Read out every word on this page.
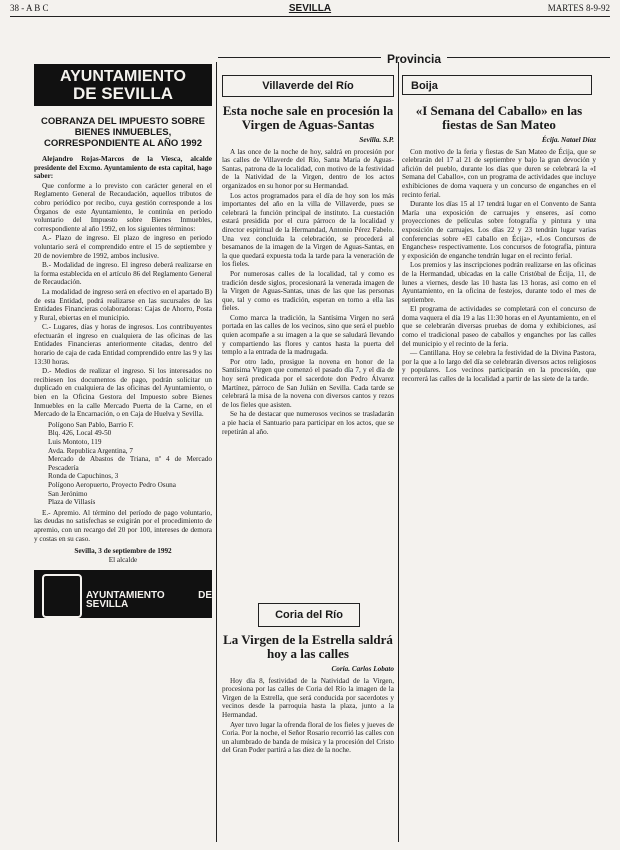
38 - A B C	SEVILLA	MARTES 8-9-92
Provincia
AYUNTAMIENTO
DE SEVILLA
COBRANZA DEL IMPUESTO SOBRE BIENES INMUEBLES, CORRESPONDIENTE AL AÑO 1992

Alejandro Rojas-Marcos de la Viesca, alcalde presidente del Excmo. Ayuntamiento de esta capital, hago saber:

Que conforme a lo previsto con carácter general en el Reglamento General de Recaudación, aquellos tributos de cobro periódico por recibo, cuya gestión corresponde a los Órganos de este Ayuntamiento, le continúa en período voluntario del Impuesto sobre Bienes Inmuebles, correspondiente al año 1992, en los siguientes términos:

A.- Plazo de ingreso. El plazo de ingreso en periodo voluntario será el comprendido entre el 15 de septiembre y 20 de noviembre de 1992, ambos inclusive.

B.- Modalidad de ingreso. El ingreso deberá realizarse en la forma establecida en el artículo 86 del Reglamento General de Recaudación.

La modalidad de ingreso será en efectivo en el apartado B) de esta Entidad, podrá realizarse en las sucursales de las Entidades Financieras colaboradoras: Cajas de Ahorro, Posta y Rural, ebiertas en el municipio.

C.- Lugares, días y horas de ingresos. Los contribuyentes efectuarán el ingreso en cualquiera de las oficinas de las Entidades Financieras anteriormente citadas, dentro del horario de caja de cada Entidad comprendido entre las 9 y las 13:30 horas.

D.- Medios de realizar el ingreso. Si los interesados no recibiesen los documentos de pago, podrán solicitar un duplicado en cualquiera de las oficinas del Ayuntamiento, o bien en la Oficina Gestora del Impuesto sobre Bienes Inmuebles en la calle Mercado Puerta de la Carne, en el Mercado de la Encarnación, o en Caja de Huelva y Sevilla.

Polígono San Pablo, Barrio F.
Blq. 426, Local 49-50
Luis Montoto, 119
Avda. Republica Argentina, 7
Mercado de Abastos de Triana, nº 4 de Mercado Pescadería
Ronda de Capuchinos, 3
Polígono Aeropuerto, Proyecto Pedro Osuna
San Jerónimo
Plaza de Villasís

E.- Apremio. Al término del período de pago voluntario, las deudas no satisfechas se exigirán por el procedimiento de apremio, con un recargo del 20 por 100, intereses de demora y costas en su caso.

Sevilla, 3 de septiembre de 1992
El alcalde
AYUNTAMIENTO DE SEVILLA
Villaverde del Río
Esta noche sale en procesión la Virgen de Aguas-Santas
Sevilla. S.P.

A las once de la noche de hoy, saldrá en procesión por las calles de Villaverde del Río, Santa María de Aguas-Santas, patrona de la localidad, con motivo de la festividad de la Natividad de la Virgen, dentro de los actos organizados en su honor por su Hermandad.

Los actos programados para el día de hoy son los más importantes del año en la villa de Villaverde, pues se celebrará la función principal de instituto. La cuestación estará presidida por el cura párroco de la localidad y director espiritual de la Hermandad, Antonio Pérez Fabelo. Una vez concluida la celebración, se procederá al besamanos de la imagen de la Virgen de Aguas-Santas, en la que quedará expuesta toda la tarde para la veneración de los fieles.

Por numerosas calles de la localidad, tal y como es tradición desde siglos, procesionará la venerada imagen de la Virgen de Aguas-Santas, unas de las que las personas que, tal y como es tradición, esperan en torno a ella las fieles.

Como marca la tradición, la Santísima Virgen no será portada en las calles de los vecinos, sino que será el pueblo quien acompañe a su imagen a la que se saludará llevando y compartiendo las flores y cantos hasta la puerta del templo a la entrada de la madrugada.

Por otro lado, prosigue la novena en honor de la Santísima Virgen que comenzó el pasado día 7, y el día de hoy será predicada por el sacerdote don Pedro Álvarez Martínez, párroco de San Julián en Sevilla. Cada tarde se celebrará la misa de la novena con diversos cantos y rezos de los fieles que asisten.

Se ha de destacar que numerosos vecinos se trasladarán a pie hacia el Santuario para participar en los actos, que se repetirán al año.

Coria del Río
La Virgen de la Estrella saldrá hoy a las calles
Coria. Carlos Lobato

Hoy día 8, festividad de la Natividad de la Virgen, procesiona por las calles de Coria del Río la imagen de la Virgen de la Estrella, que será conducida por sacerdotes y vecinos desde la parroquia hasta la plaza, junto a la Hermandad.

Ayer tuvo lugar la ofrenda floral de los fieles y jueves de Coria. Por la noche, el Señor Rosario recorrió las calles con un alumbrado de banda de música y la procesión del Cristo del Gran Poder partirá a las diez de la noche.

Boija
«I Semana del Caballo» en las fiestas de San Mateo
Écija. Natael Díaz

Con motivo de la feria y fiestas de San Mateo de Écija, que se celebrarán del 17 al 21 de septiembre y bajo la gran devoción y afición del pueblo, durante los días que duren se celebrará la «I Semana del Caballo», con un programa de actividades que incluye exhibiciones de doma vaquera y un concurso de enganches en el recinto ferial.

Durante los días 15 al 17 tendrá lugar en el Convento de Santa María una exposición de carruajes y enseres, así como proyecciones de películas sobre fotografía y pintura y una exposición de carruajes. Los días 22 y 23 tendrán lugar varias conferencias sobre «El caballo en Écija», «Los Concursos de Enganches» respectivamente. Los concursos de fotografía, pintura y exposición de enganche tendrán lugar en el recinto ferial.

Los premios y las inscripciones podrán realizarse en las oficinas de la Hermandad, ubicadas en la calle Cristóbal de Écija, 11, de lunes a viernes, desde las 10 hasta las 13 horas, así como en el Ayuntamiento, en la oficina de festejos, durante todo el mes de septiembre.

El programa de actividades se completará con el concurso de doma vaquera el día 19 a las 11:30 horas en el Ayuntamiento, en el que se celebrarán diversas pruebas de doma y exhibiciones, así como el tradicional paseo de caballos y enganches por las calles del municipio y el recinto de la feria.

— Cantillana. Hoy se celebra la festividad de la Divina Pastora, por la que a lo largo del día se celebrarán diversos actos religiosos y populares. Los vecinos participarán en la procesión, que recorrerá las calles de la localidad a partir de las siete de la tarde.
